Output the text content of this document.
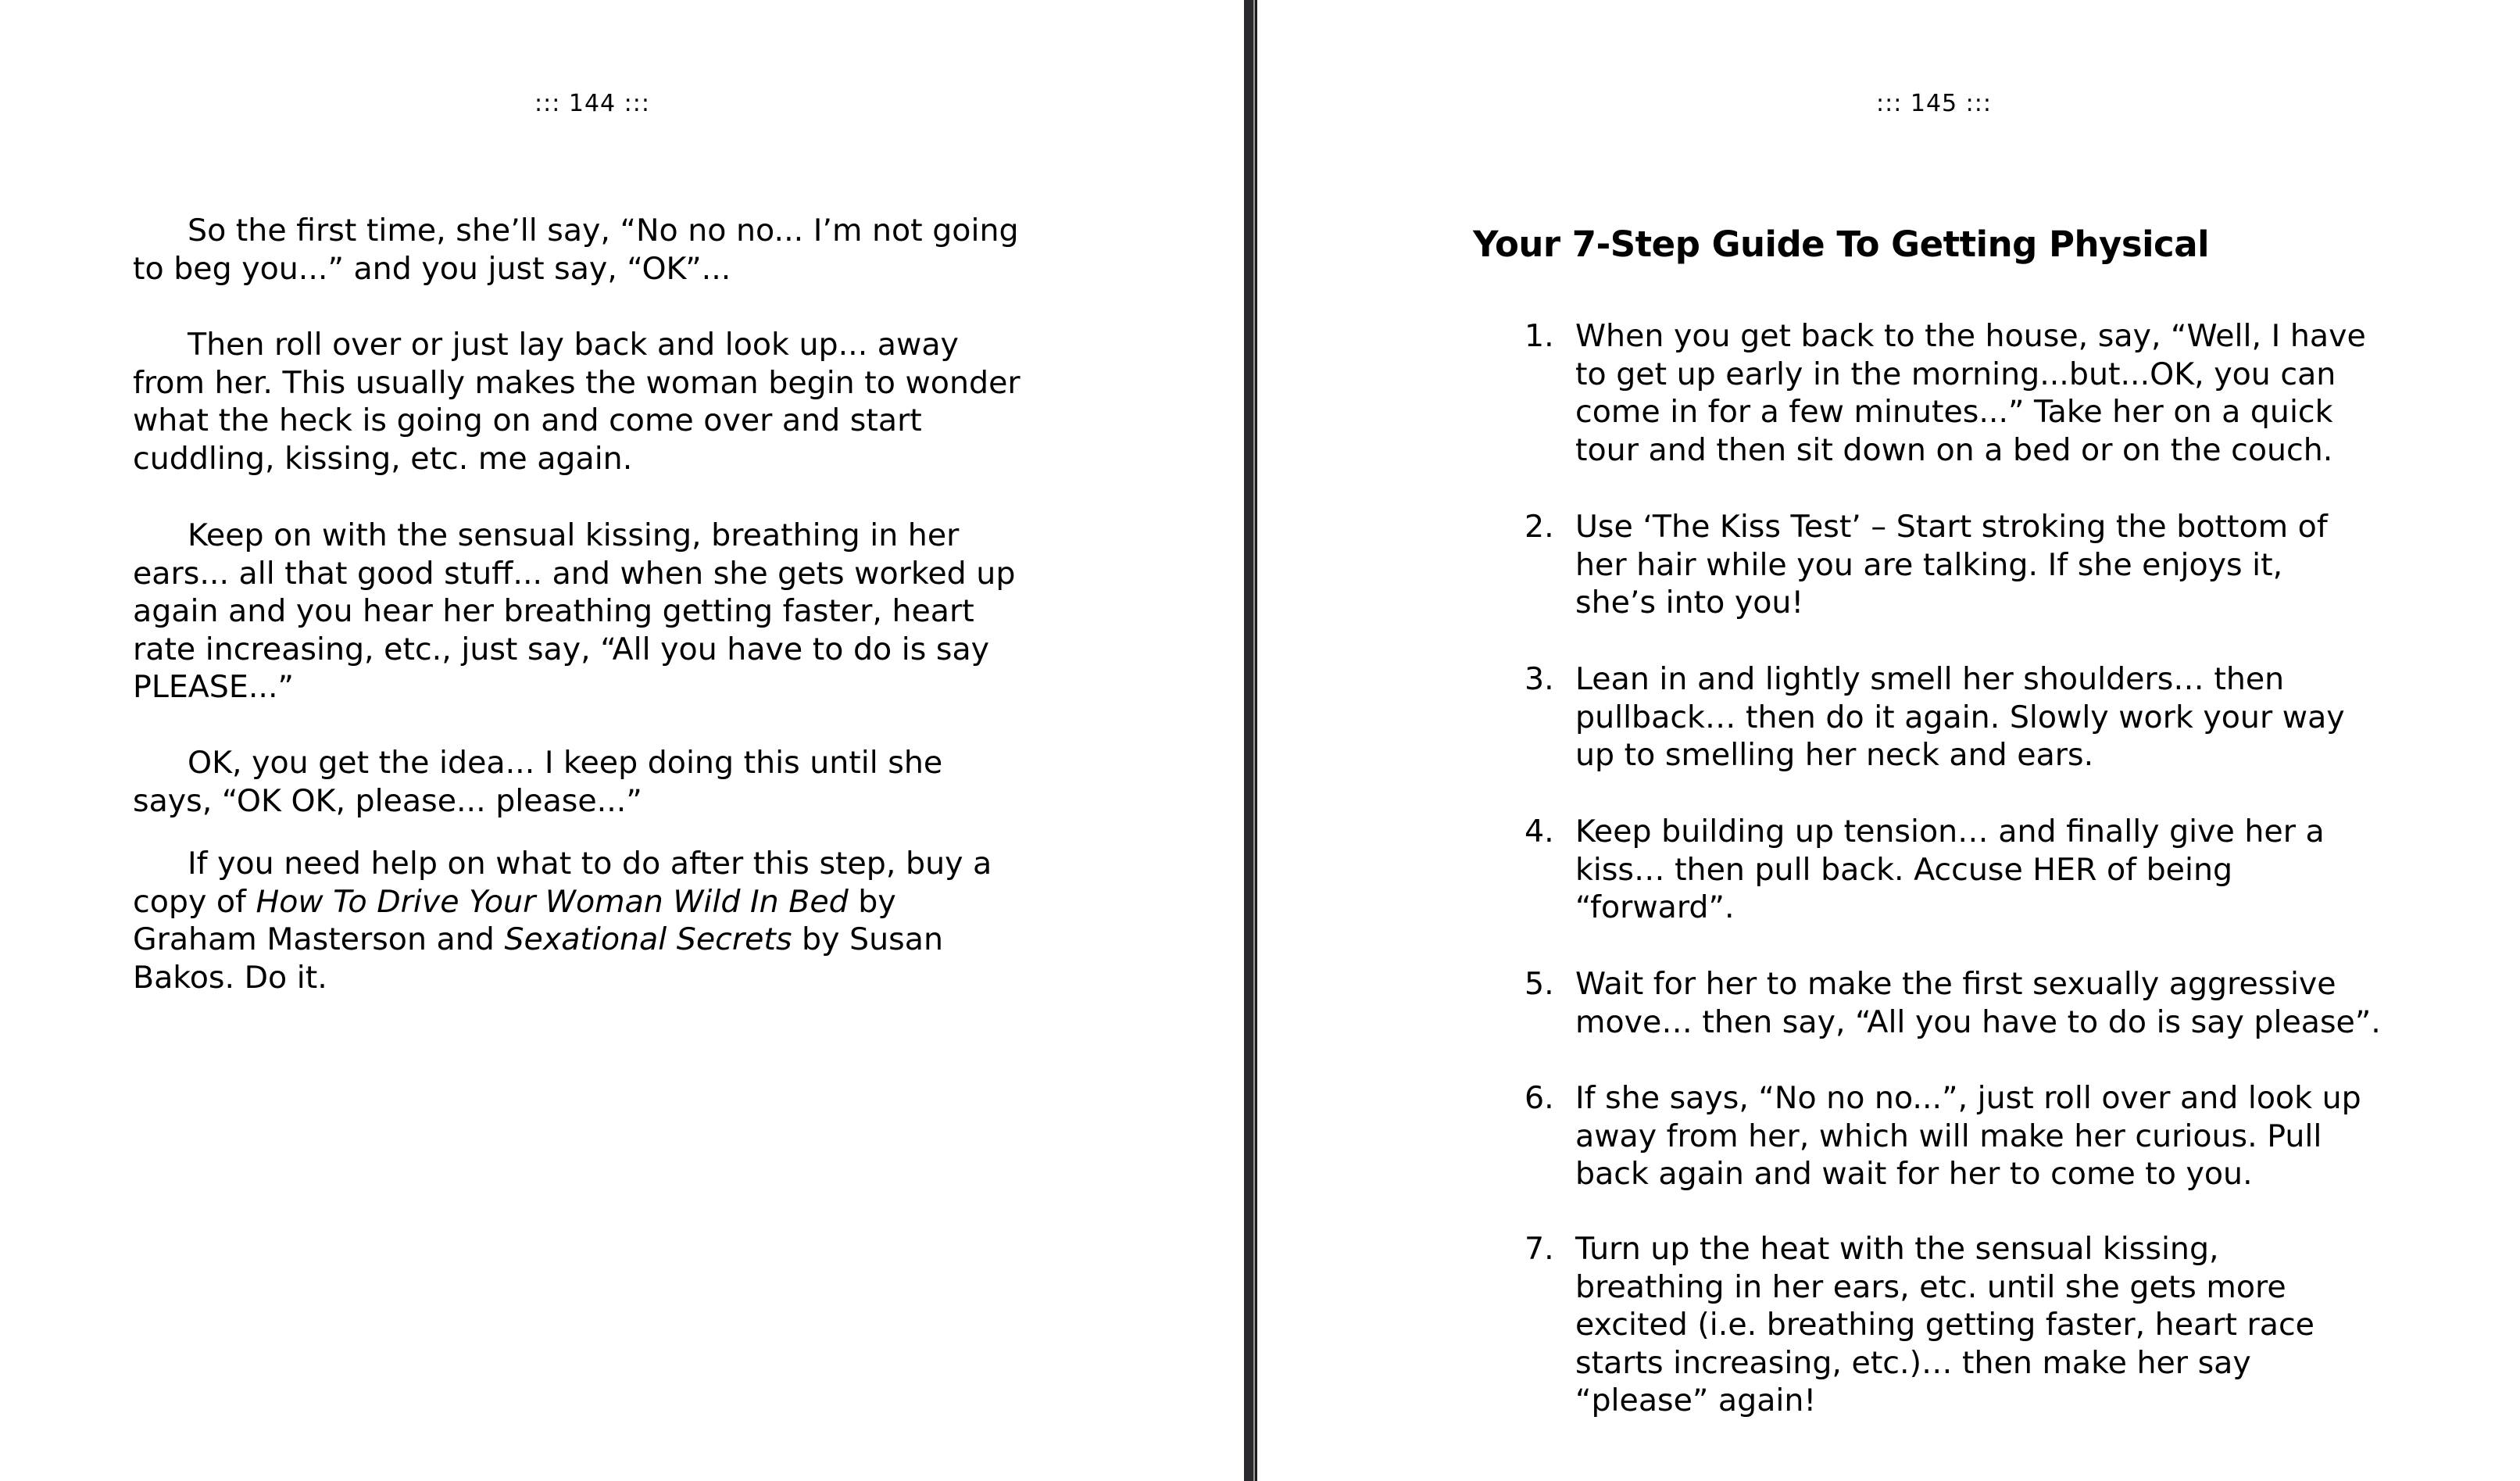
::: 144 :::
So the first time, she’ll say, “No no no... I’m not going
to beg you...” and you just say, “OK”...
Then roll over or just lay back and look up... away
from her. This usually makes the woman begin to wonder
what the heck is going on and come over and start
cuddling, kissing, etc. me again.
Keep on with the sensual kissing, breathing in her
ears... all that good stuff... and when she gets worked up
again and you hear her breathing getting faster, heart
rate increasing, etc., just say, “All you have to do is say
PLEASE...”
OK, you get the idea... I keep doing this until she
says, “OK OK, please... please...”
If you need help on what to do after this step, buy a
copy of How To Drive Your Woman Wild In Bed by
Graham Masterson and Sexational Secrets by Susan
Bakos. Do it.
::: 145 :::
Your 7-Step Guide To Getting Physical
1. When you get back to the house, say, “Well, I have
to get up early in the morning...but...OK, you can
come in for a few minutes...” Take her on a quick
tour and then sit down on a bed or on the couch.
2. Use ‘The Kiss Test’ – Start stroking the bottom of
her hair while you are talking. If she enjoys it,
she’s into you!
3. Lean in and lightly smell her shoulders… then
pullback… then do it again. Slowly work your way
up to smelling her neck and ears.
4. Keep building up tension… and finally give her a
kiss… then pull back. Accuse HER of being
“forward”.
5. Wait for her to make the first sexually aggressive
move… then say, “All you have to do is say please”.
6. If she says, “No no no...”, just roll over and look up
away from her, which will make her curious. Pull
back again and wait for her to come to you.
7. Turn up the heat with the sensual kissing,
breathing in her ears, etc. until she gets more
excited (i.e. breathing getting faster, heart race
starts increasing, etc.)… then make her say
“please” again!
